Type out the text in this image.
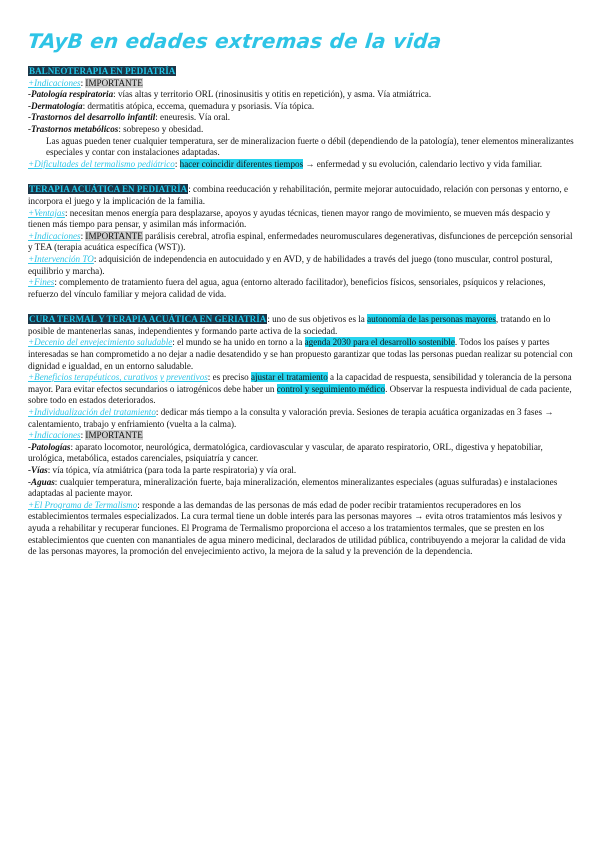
TAyB en edades extremas de la vida
BALNEOTERAPIA EN PEDIATRÍA
+Indicaciones: IMPORTANTE
-Patología respiratoria: vías altas y territorio ORL (rinosinusitis y otitis en repetición), y asma. Vía atmiátrica.
-Dermatología: dermatitis atópica, eccema, quemadura y psoriasis. Vía tópica.
-Trastornos del desarrollo infantil: eneuresis. Vía oral.
-Trastornos metabólicos: sobrepeso y obesidad.
Las aguas pueden tener cualquier temperatura, ser de mineralizacion fuerte o débil (dependiendo de la patología), tener elementos mineralizantes especiales y contar con instalaciones adaptadas.
+Dificultades del termalismo pediátrico: hacer coincidir diferentes tiempos → enfermedad y su evolución, calendario lectivo y vida familiar.
TERAPIA ACUÁTICA EN PEDIATRÍA: combina reeducación y rehabilitación, permite mejorar autocuidado, relación con personas y entorno, e incorpora el juego y la implicación de la familia.
+Ventajas: necesitan menos energía para desplazarse, apoyos y ayudas técnicas, tienen mayor rango de movimiento, se mueven más despacio y tienen más tiempo para pensar, y asimilan más información.
+Indicaciones: IMPORTANTE parálisis cerebral, atrofia espinal, enfermedades neuromusculares degenerativas, disfunciones de percepción sensorial y TEA (terapia acuática específica (WST)).
+Intervención TO: adquisición de independencia en autocuidado y en AVD, y de habilidades a través del juego (tono muscular, control postural, equilibrio y marcha).
+Fines: complemento de tratamiento fuera del agua, agua (entorno alterado facilitador), beneficios físicos, sensoriales, psíquicos y relaciones, refuerzo del vínculo familiar y mejora calidad de vida.
CURA TERMAL Y TERAPIA ACUÁTICA EN GERIATRÍA: uno de sus objetivos es la autonomía de las personas mayores, tratando en lo posible de mantenerlas sanas, independientes y formando parte activa de la sociedad.
+Decenio del envejecimiento saludable: el mundo se ha unido en torno a la agenda 2030 para el desarrollo sostenible. Todos los países y partes interesadas se han comprometido a no dejar a nadie desatendido y se han propuesto garantizar que todas las personas puedan realizar su potencial con dignidad e igualdad, en un entorno saludable.
+Beneficios terapéuticos, curativos y preventivos: es preciso ajustar el tratamiento a la capacidad de respuesta, sensibilidad y tolerancia de la persona mayor. Para evitar efectos secundarios o iatrogénicos debe haber un control y seguimiento médico. Observar la respuesta individual de cada paciente, sobre todo en estados deteriorados.
+Individualización del tratamiento: dedicar más tiempo a la consulta y valoración previa. Sesiones de terapia acuática organizadas en 3 fases → calentamiento, trabajo y enfriamiento (vuelta a la calma).
+Indicaciones: IMPORTANTE
-Patologías: aparato locomotor, neurológica, dermatológica, cardiovascular y vascular, de aparato respiratorio, ORL, digestiva y hepatobiliar, urológica, metabólica, estados carenciales, psiquiatría y cancer.
-Vías: vía tópica, vía atmiátrica (para toda la parte respiratoria) y vía oral.
-Aguas: cualquier temperatura, mineralización fuerte, baja mineralización, elementos mineralizantes especiales (aguas sulfuradas) e instalaciones adaptadas al paciente mayor.
+El Programa de Termalismo: responde a las demandas de las personas de más edad de poder recibir tratamientos recuperadores en los establecimientos termales especializados. La cura termal tiene un doble interés para las personas mayores → evita otros tratamientos más lesivos y ayuda a rehabilitar y recuperar funciones. El Programa de Termalismo proporciona el acceso a los tratamientos termales, que se presten en los establecimientos que cuenten con manantiales de agua minero medicinal, declarados de utilidad pública, contribuyendo a mejorar la calidad de vida de las personas mayores, la promoción del envejecimiento activo, la mejora de la salud y la prevención de la dependencia.
